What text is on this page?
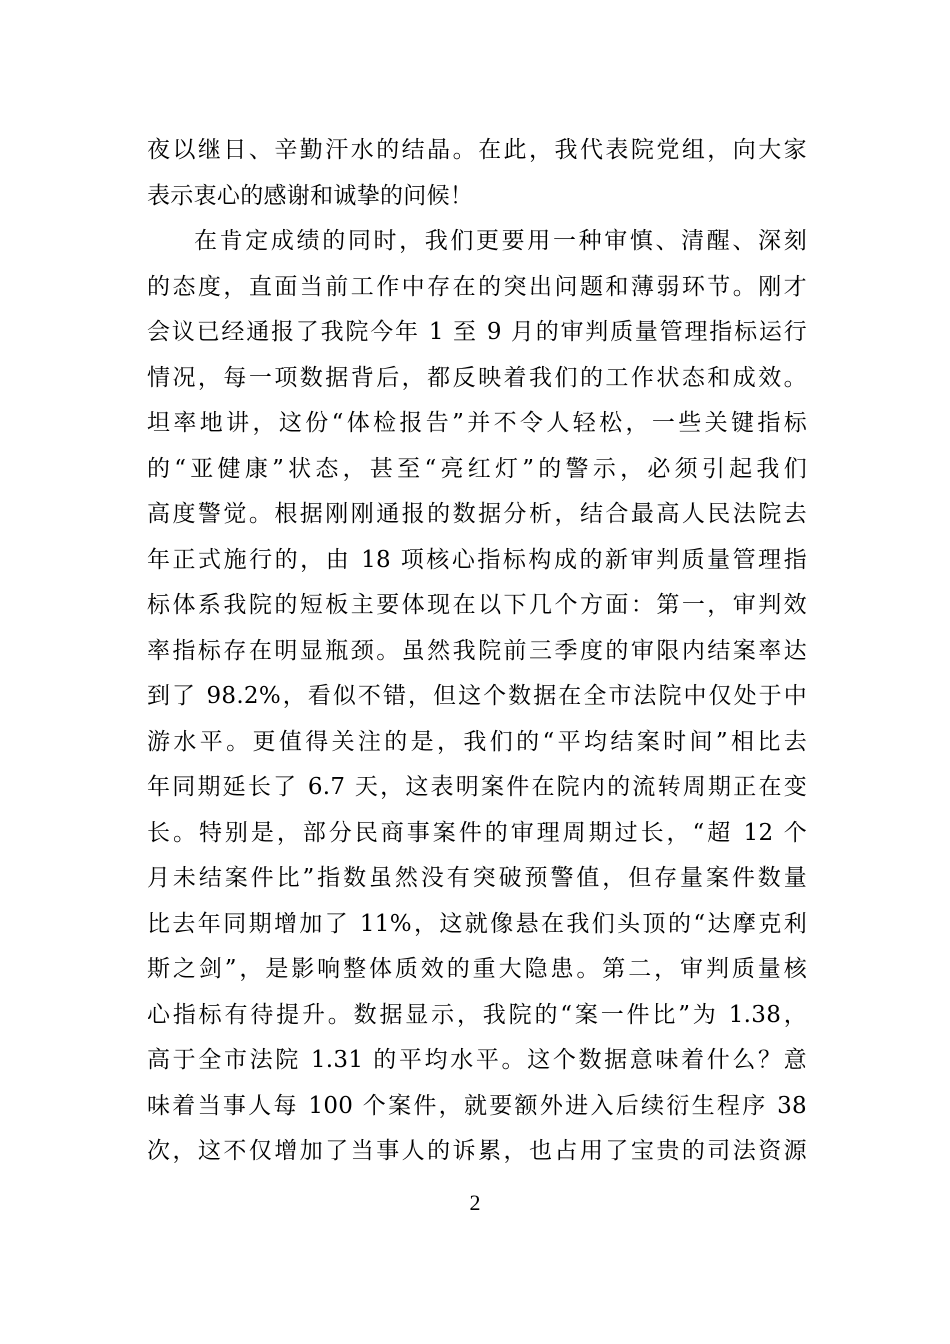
夜以继日、辛勤汗水的结晶。在此，我代表院党组，向大家
表示衷心的感谢和诚挚的问候！
在肯定成绩的同时，我们更要用一种审慎、清醒、深刻
的态度，直面当前工作中存在的突出问题和薄弱环节。刚才
会议已经通报了我院今年 1 至 9 月的审判质量管理指标运行
情况，每一项数据背后，都反映着我们的工作状态和成效。
坦率地讲，这份“体检报告”并不令人轻松，一些关键指标
的“亚健康”状态，甚至“亮红灯”的警示，必须引起我们
高度警觉。根据刚刚通报的数据分析，结合最高人民法院去
年正式施行的，由 18 项核心指标构成的新审判质量管理指
标体系我院的短板主要体现在以下几个方面：第一，审判效
率指标存在明显瓶颈。虽然我院前三季度的审限内结案率达
到了 98.2%，看似不错，但这个数据在全市法院中仅处于中
游水平。更值得关注的是，我们的“平均结案时间”相比去
年同期延长了 6.7 天，这表明案件在院内的流转周期正在变
长。特别是，部分民商事案件的审理周期过长，“超 12 个
月未结案件比”指数虽然没有突破预警值，但存量案件数量
比去年同期增加了 11%，这就像悬在我们头顶的“达摩克利
斯之剑”，是影响整体质效的重大隐患。第二，审判质量核
心指标有待提升。数据显示，我院的“案一件比”为 1.38，
高于全市法院 1.31 的平均水平。这个数据意味着什么？意
味着当事人每 100 个案件，就要额外进入后续衍生程序 38
次，这不仅增加了当事人的诉累，也占用了宝贵的司法资源
2
